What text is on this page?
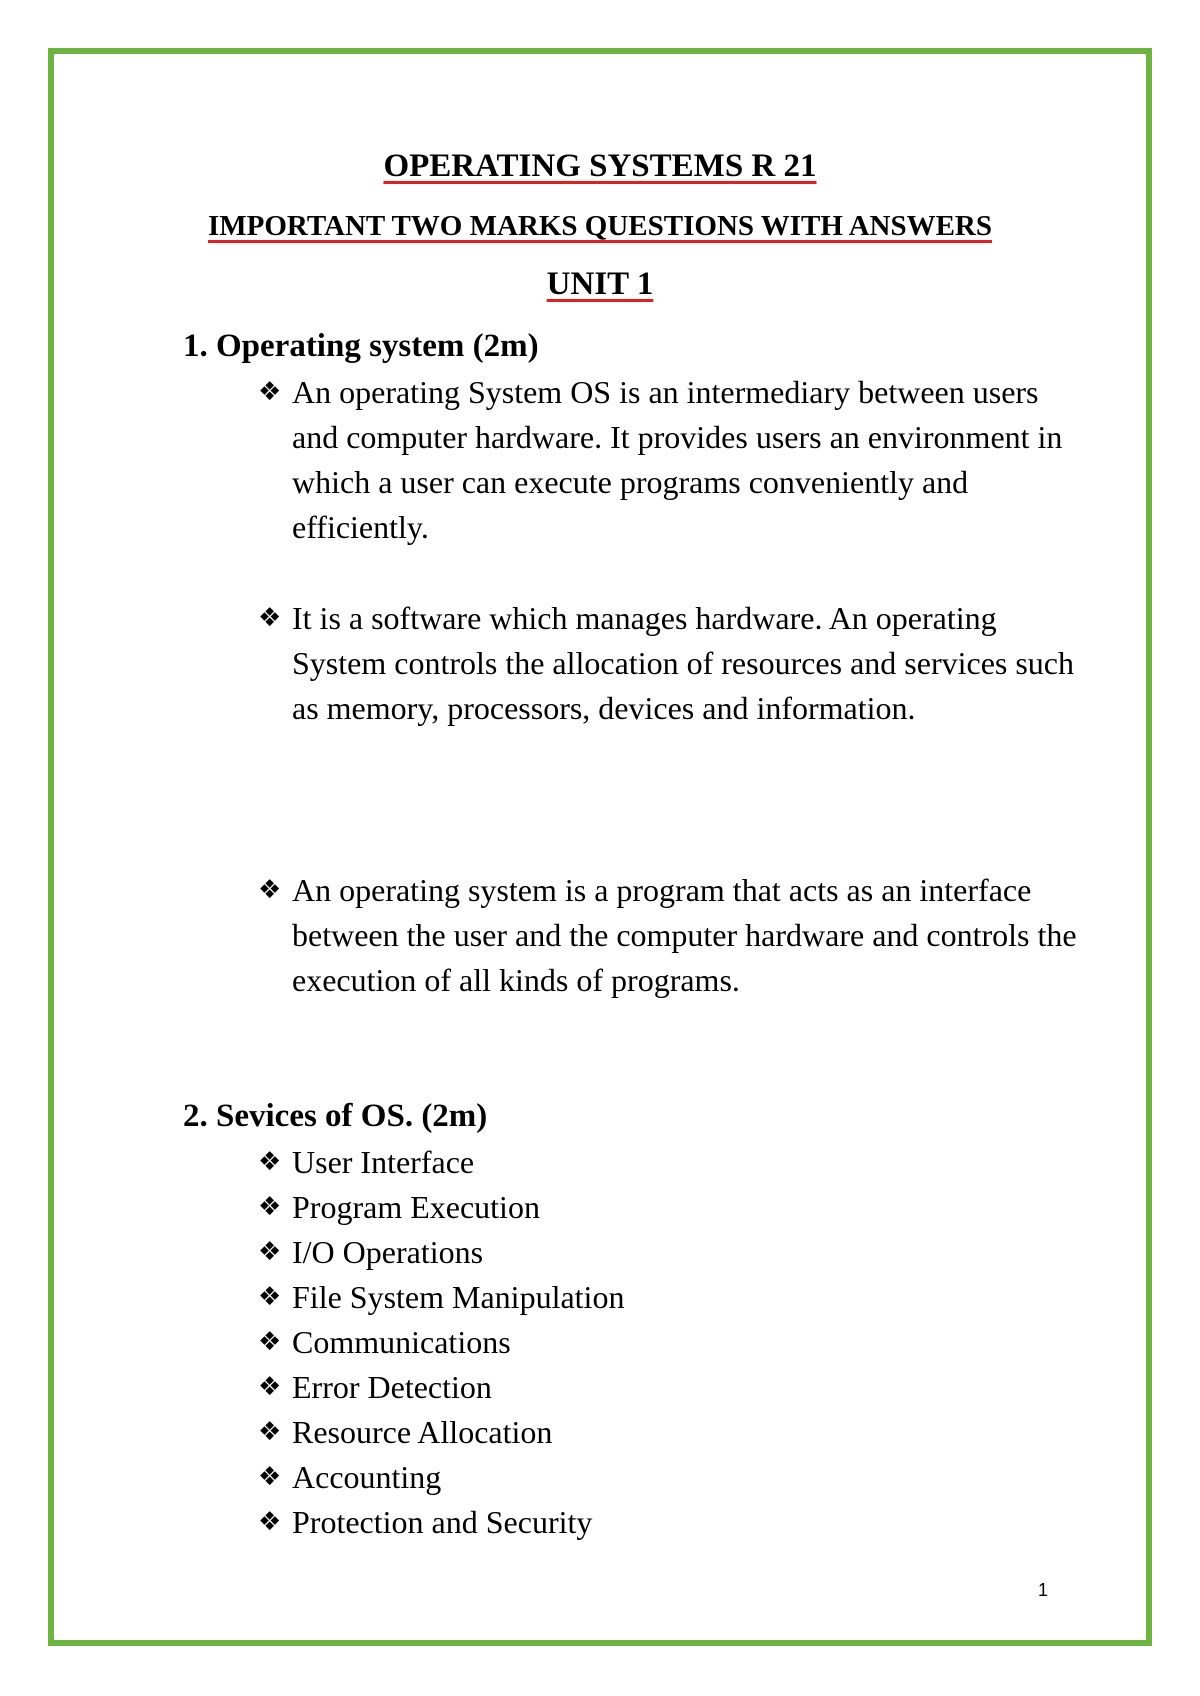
OPERATING SYSTEMS R 21
IMPORTANT TWO MARKS QUESTIONS WITH ANSWERS
UNIT 1
1. Operating system (2m)
❖ An operating System OS is an intermediary between users and computer hardware. It provides users an environment in which a user can execute programs conveniently and efficiently.
❖ It is a software which manages hardware. An operating System controls the allocation of resources and services such as memory, processors, devices and information.
❖ An operating system is a program that acts as an interface between the user and the computer hardware and controls the execution of all kinds of programs.
2. Sevices of OS. (2m)
❖ User Interface
❖ Program Execution
❖ I/O Operations
❖ File System Manipulation
❖ Communications
❖ Error Detection
❖ Resource Allocation
❖ Accounting
❖ Protection and Security
1
